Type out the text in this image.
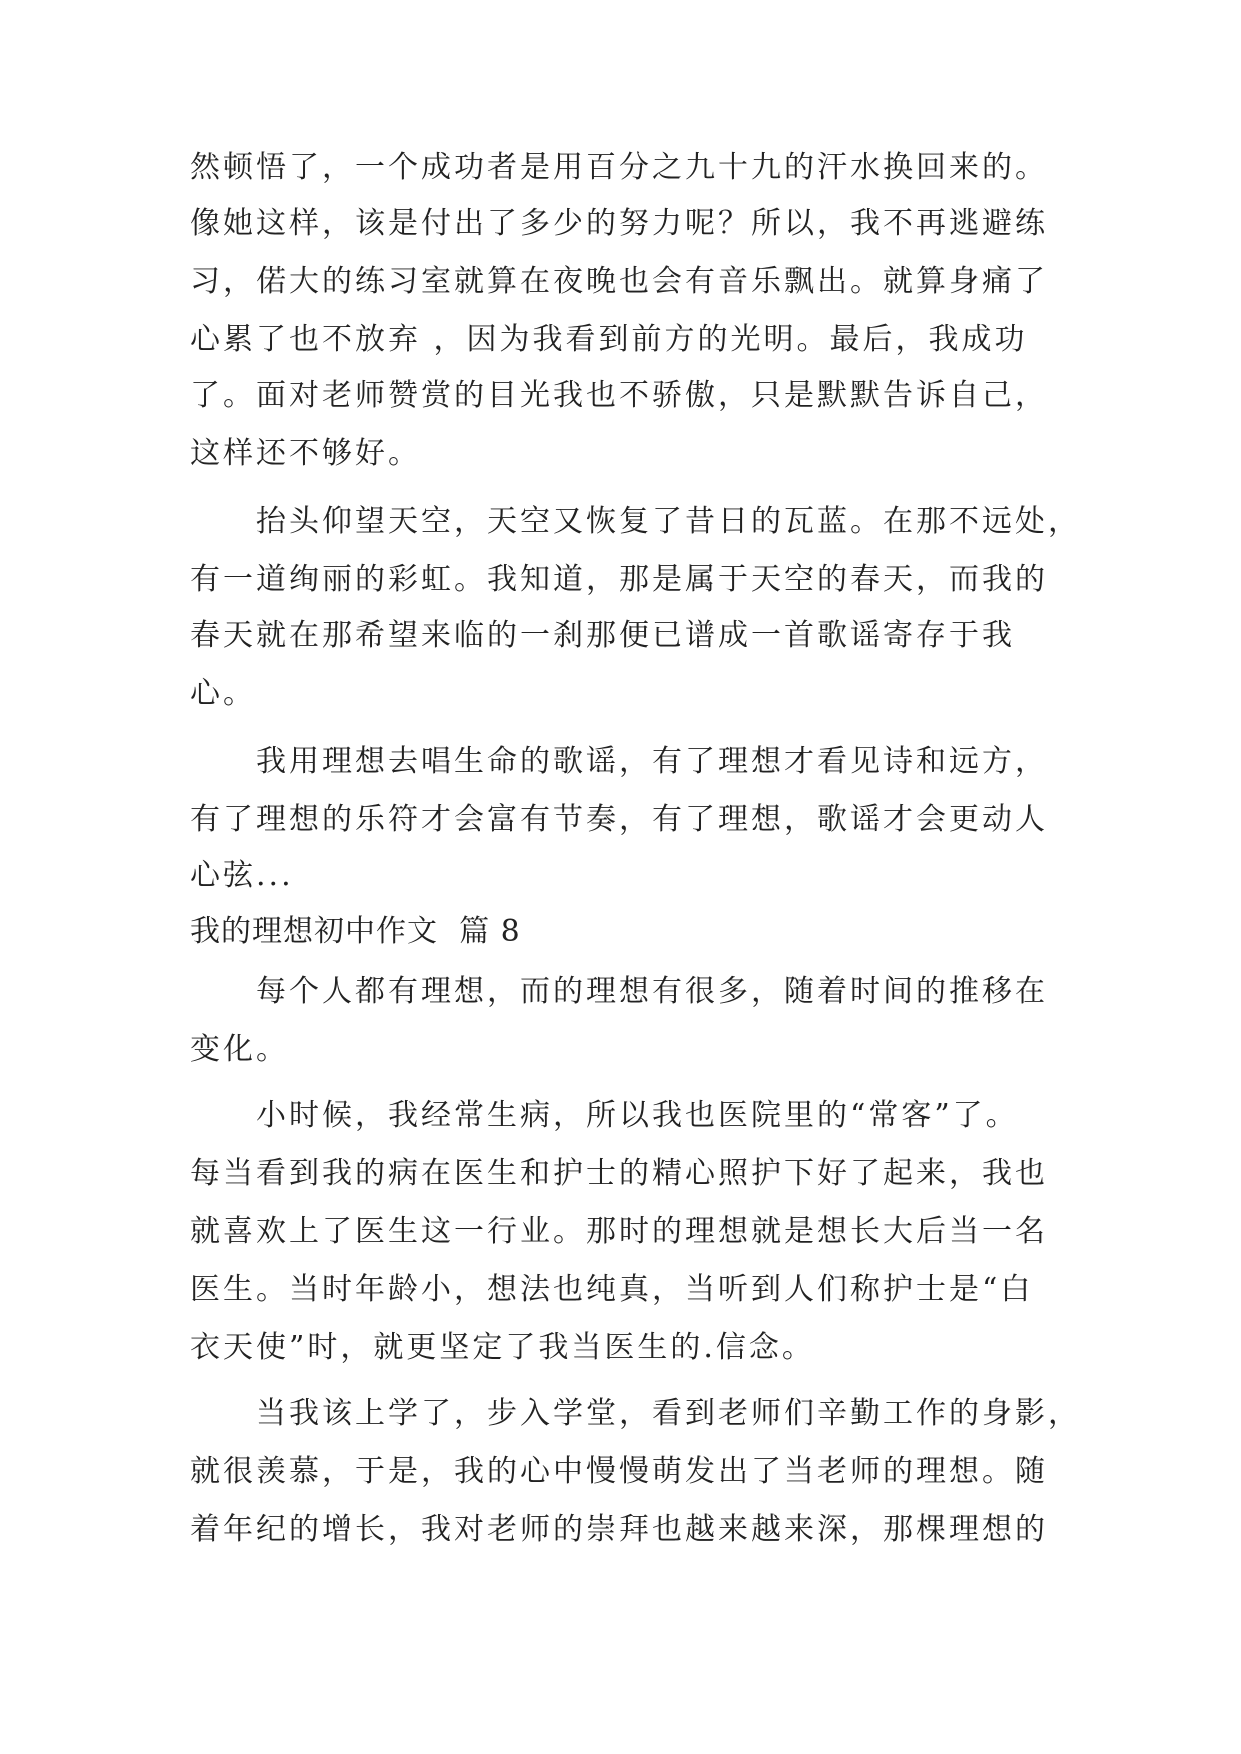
然顿悟了，一个成功者是用百分之九十九的汗水换回来的。
像她这样，该是付出了多少的努力呢？所以，我不再逃避练
习，偌大的练习室就算在夜晚也会有音乐飘出。就算身痛了
心累了也不放弃 ，因为我看到前方的光明。最后，我成功
了。面对老师赞赏的目光我也不骄傲，只是默默告诉自己，
这样还不够好。
抬头仰望天空，天空又恢复了昔日的瓦蓝。在那不远处，
有一道绚丽的彩虹。我知道，那是属于天空的春天，而我的
春天就在那希望来临的一刹那便已谱成一首歌谣寄存于我
心。
我用理想去唱生命的歌谣，有了理想才看见诗和远方，
有了理想的乐符才会富有节奏，有了理想，歌谣才会更动人
心弦...
我的理想初中作文  篇 8
每个人都有理想，而的理想有很多，随着时间的推移在
变化。
小时候，我经常生病，所以我也医院里的“常客”了。
每当看到我的病在医生和护士的精心照护下好了起来，我也
就喜欢上了医生这一行业。那时的理想就是想长大后当一名
医生。当时年龄小，想法也纯真，当听到人们称护士是“白
衣天使”时，就更坚定了我当医生的.信念。
当我该上学了，步入学堂，看到老师们辛勤工作的身影，
就很羡慕，于是，我的心中慢慢萌发出了当老师的理想。随
着年纪的增长，我对老师的崇拜也越来越来深，那棵理想的
